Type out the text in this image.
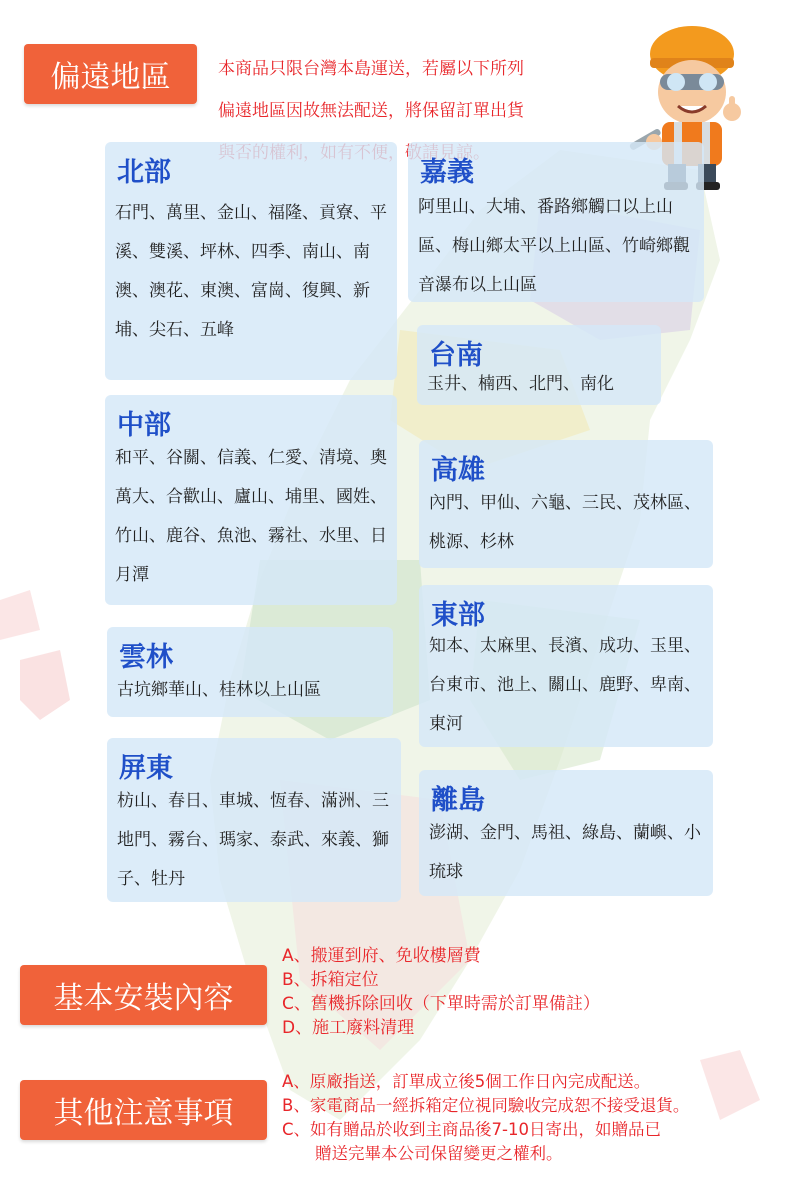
偏遠地區	本商品只限台灣本島運送，若屬以下所列

偏遠地區因故無法配送，將保留訂單出貨

北部
石門、萬里、金山、福隆、貢寮、平溪、雙溪、坪林、四季、南山、南澳、澳花、東澳、富崗、復興、新埔、尖石、五峰
嘉義
阿里山、大埔、番路鄉觸口以上山區、梅山鄉太平以上山區、竹崎鄉觀音瀑布以上山區
台南
玉井、楠西、北門、南化
中部
和平、谷關、信義、仁愛、清境、奧萬大、合歡山、廬山、埔里、國姓、竹山、鹿谷、魚池、霧社、水里、日月潭
高雄
內門、甲仙、六龜、三民、茂林區、桃源、杉林
雲林
古坑鄉華山、桂林以上山區
東部
知本、太麻里、長濱、成功、玉里、台東市、池上、關山、鹿野、卑南、東河
屏東
枋山、春日、車城、恆春、滿洲、三地門、霧台、瑪家、泰武、來義、獅子、牡丹
離島
澎湖、金門、馬祖、綠島、蘭嶼、小琉球
基本安裝內容
A、搬運到府、免收樓層費
B、拆箱定位
C、舊機拆除回收（下單時需於訂單備註）
D、施工廢料清理
其他注意事項
A、原廠指送，訂單成立後5個工作日內完成配送。
B、家電商品一經拆箱定位視同驗收完成恕不接受退貨。
C、如有贈品於收到主商品後7-10日寄出，如贈品已
　　贈送完畢本公司保留變更之權利。
